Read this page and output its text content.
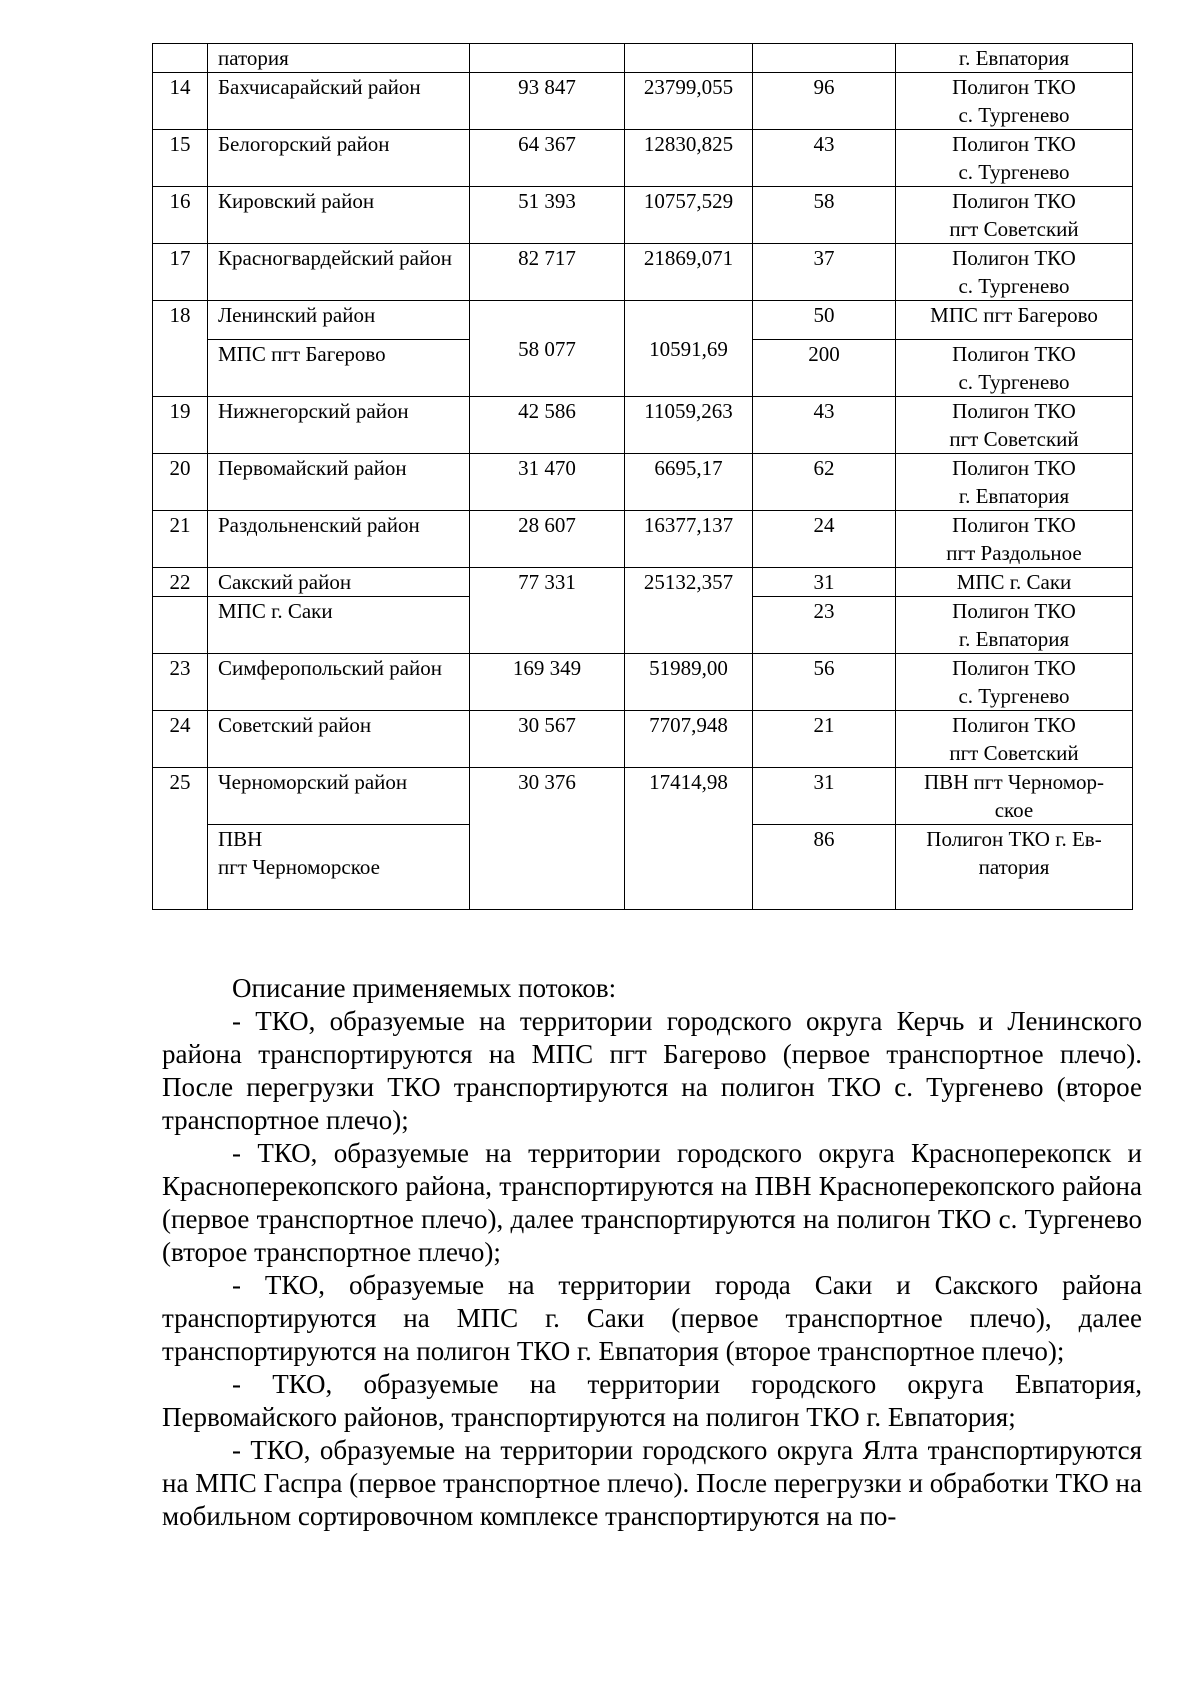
	патория				г. Евпатория
14	Бахчисарайский район	93 847	23799,055	96	Полигон ТКО
с. Тургенево

15	Белогорский район	64 367	12830,825	43	Полигон ТКО
с. Тургенево

16	Кировский район	51 393	10757,529	58	Полигон ТКО
пгт Советский

17	Красногвардейский район	82 717	21869,071	37	Полигон ТКО
с. Тургенево

18	Ленинский район	58 077	10591,69	50	МПС пгт Багерово
	МПС пгт Багерово			200	Полигон ТКО
с. Тургенево

19	Нижнегорский район	42 586	11059,263	43	Полигон ТКО
пгт Советский

20	Первомайский район	31 470	6695,17	62	Полигон ТКО
г. Евпатория

21	Раздольненский район	28 607	16377,137	24	Полигон ТКО
пгт Раздольное

22	Сакский район	77 331	25132,357	31	МПС г. Саки
	МПС г. Саки			23	Полигон ТКО
г. Евпатория

23	Симферопольский район	169 349	51989,00	56	Полигон ТКО
с. Тургенево

24	Советский район	30 567	7707,948	21	Полигон ТКО
пгт Советский

25	Черноморский район	30 376	17414,98	31	ПВН пгт Черномор-
ское

	ПВН
пгт Черноморское			86	Полигон ТКО г. Ев-
патория

Описание применяемых потоков:

- ТКО, образуемые на территории городского округа Керчь и Ленинского района транспортируются на МПС пгт Багерово (первое транспортное плечо). После перегрузки ТКО транспортируются на полигон ТКО с. Тургенево (второе транспортное плечо);

- ТКО, образуемые на территории городского округа Красноперекопск и Красноперекопского района, транспортируются на ПВН Красноперекопского района (первое транспортное плечо), далее транспортируются на полигон ТКО с. Тургенево (второе транспортное плечо);

- ТКО, образуемые на территории города Саки и Сакского района транспортируются на МПС г. Саки (первое транспортное плечо), далее транспортируются на полигон ТКО г. Евпатория (второе транспортное плечо);

- ТКО, образуемые на территории городского округа Евпатория, Первомайского районов, транспортируются на полигон ТКО г. Евпатория;

- ТКО, образуемые на территории городского округа Ялта транспортируются на МПС Гаспра (первое транспортное плечо). После перегрузки и обработки ТКО на мобильном сортировочном комплексе транспортируются на по-
